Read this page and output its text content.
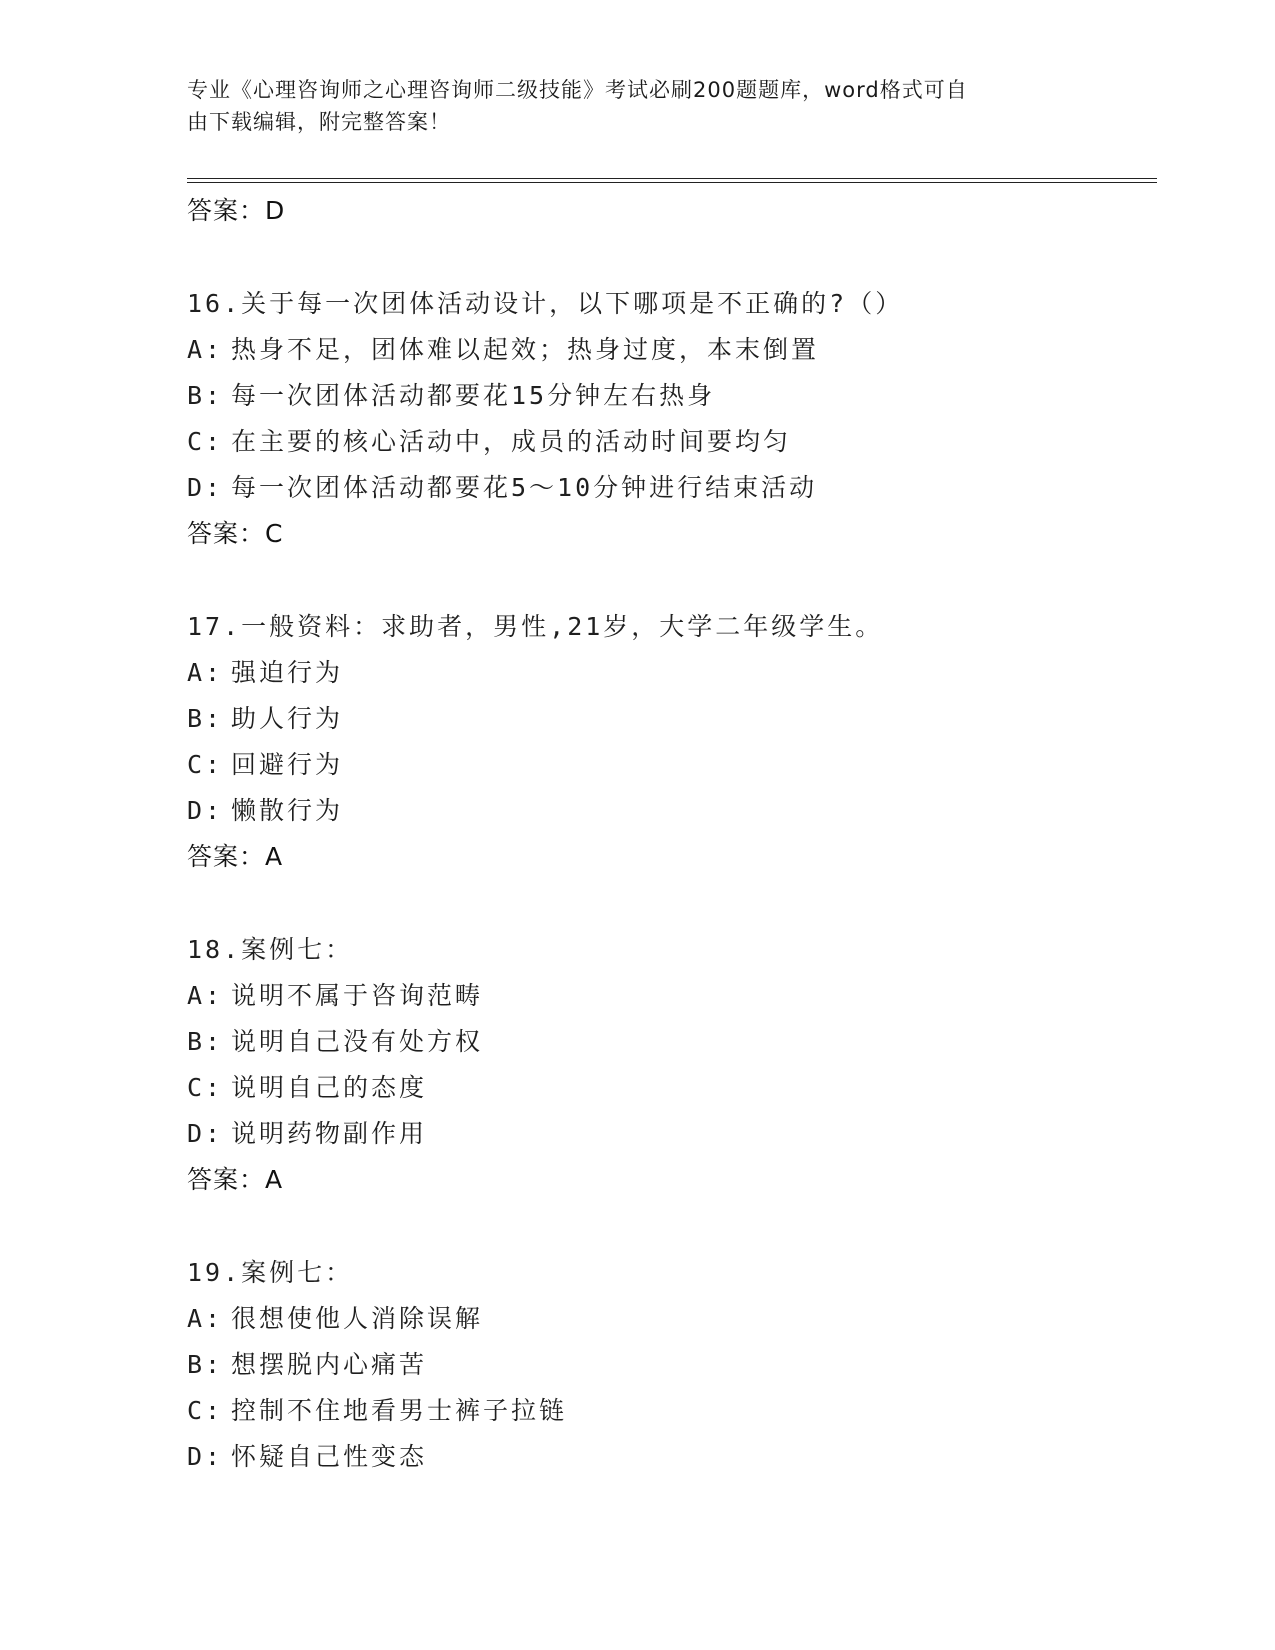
专业《心理咨询师之心理咨询师二级技能》考试必刷200题题库，word格式可自
由下载编辑，附完整答案！
答案：D
16.关于每一次团体活动设计，以下哪项是不正确的?（）
A: 热身不足，团体难以起效；热身过度，本末倒置
B: 每一次团体活动都要花15分钟左右热身
C: 在主要的核心活动中，成员的活动时间要均匀
D: 每一次团体活动都要花5～10分钟进行结束活动
答案：C
17.一般资料：求助者，男性,21岁，大学二年级学生。
A: 强迫行为
B: 助人行为
C: 回避行为
D: 懒散行为
答案：A
18.案例七：
A: 说明不属于咨询范畴
B: 说明自己没有处方权
C: 说明自己的态度
D: 说明药物副作用
答案：A
19.案例七：
A: 很想使他人消除误解
B: 想摆脱内心痛苦
C: 控制不住地看男士裤子拉链
D: 怀疑自己性变态
